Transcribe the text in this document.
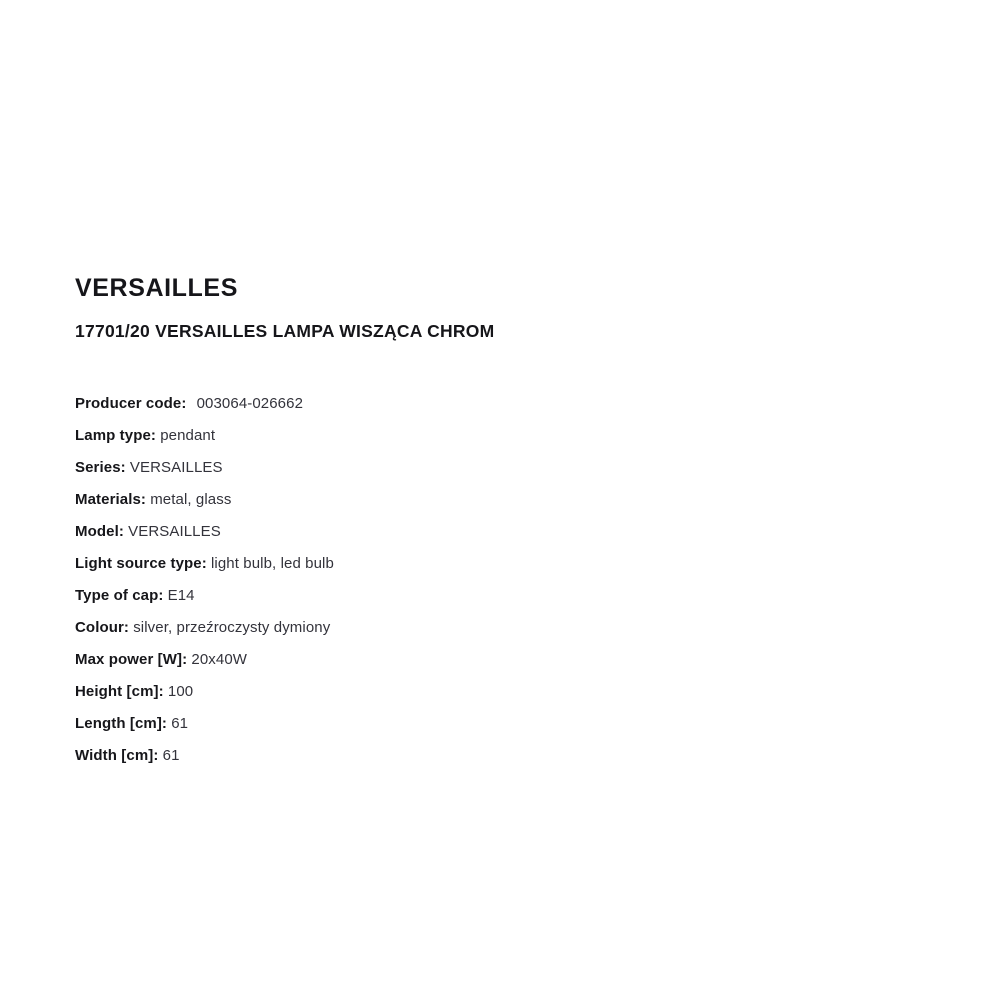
VERSAILLES
17701/20 VERSAILLES LAMPA WISZĄCA CHROM
Producer code: 003064-026662
Lamp type: pendant
Series: VERSAILLES
Materials: metal, glass
Model: VERSAILLES
Light source type: light bulb, led bulb
Type of cap: E14
Colour: silver, przeźroczysty dymiony
Max power [W]: 20x40W
Height [cm]: 100
Length [cm]: 61
Width [cm]: 61
